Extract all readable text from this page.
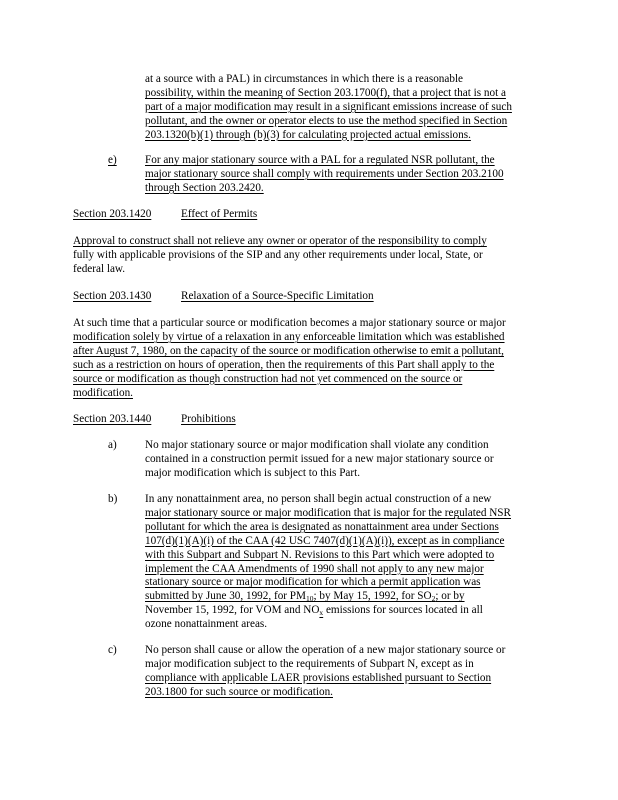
at a source with a PAL) in circumstances in which there is a reasonable
possibility, within the meaning of Section 203.1700(f), that a project that is not a
part of a major modification may result in a significant emissions increase of such
pollutant, and the owner or operator elects to use the method specified in Section
203.1320(b)(1) through (b)(3) for calculating projected actual emissions.
e)	For any major stationary source with a PAL for a regulated NSR pollutant, the
major stationary source shall comply with requirements under Section 203.2100
through Section 203.2420.
Section 203.1420	Effect of Permits
Approval to construct shall not relieve any owner or operator of the responsibility to comply
fully with applicable provisions of the SIP and any other requirements under local, State, or
federal law.
Section 203.1430	Relaxation of a Source-Specific Limitation
At such time that a particular source or modification becomes a major stationary source or major
modification solely by virtue of a relaxation in any enforceable limitation which was established
after August 7, 1980, on the capacity of the source or modification otherwise to emit a pollutant,
such as a restriction on hours of operation, then the requirements of this Part shall apply to the
source or modification as though construction had not yet commenced on the source or
modification.
Section 203.1440	Prohibitions
a)	No major stationary source or major modification shall violate any condition
contained in a construction permit issued for a new major stationary source or
major modification which is subject to this Part.
b) In any nonattainment area, no person shall begin actual construction of a new
major stationary source or major modification that is major for the regulated NSR
pollutant for which the area is designated as nonattainment area under Sections
107(d)(1)(A)(i) of the CAA (42 USC 7407(d)(1)(A)(i)), except as in compliance
with this Subpart and Subpart N. Revisions to this Part which were adopted to
implement the CAA Amendments of 1990 shall not apply to any new major
stationary source or major modification for which a permit application was
submitted by June 30, 1992, for $PM_{10}$; by May 15, 1992, for $SO_2$; or by
November 15, 1992, for VOM and $NO_x$ emissions for sources located in all
ozone nonattainment areas.
c)	No person shall cause or allow the operation of a new major stationary source or
major modification subject to the requirements of Subpart N, except as in
compliance with applicable LAER provisions established pursuant to Section
203.1800 for such source or modification.
